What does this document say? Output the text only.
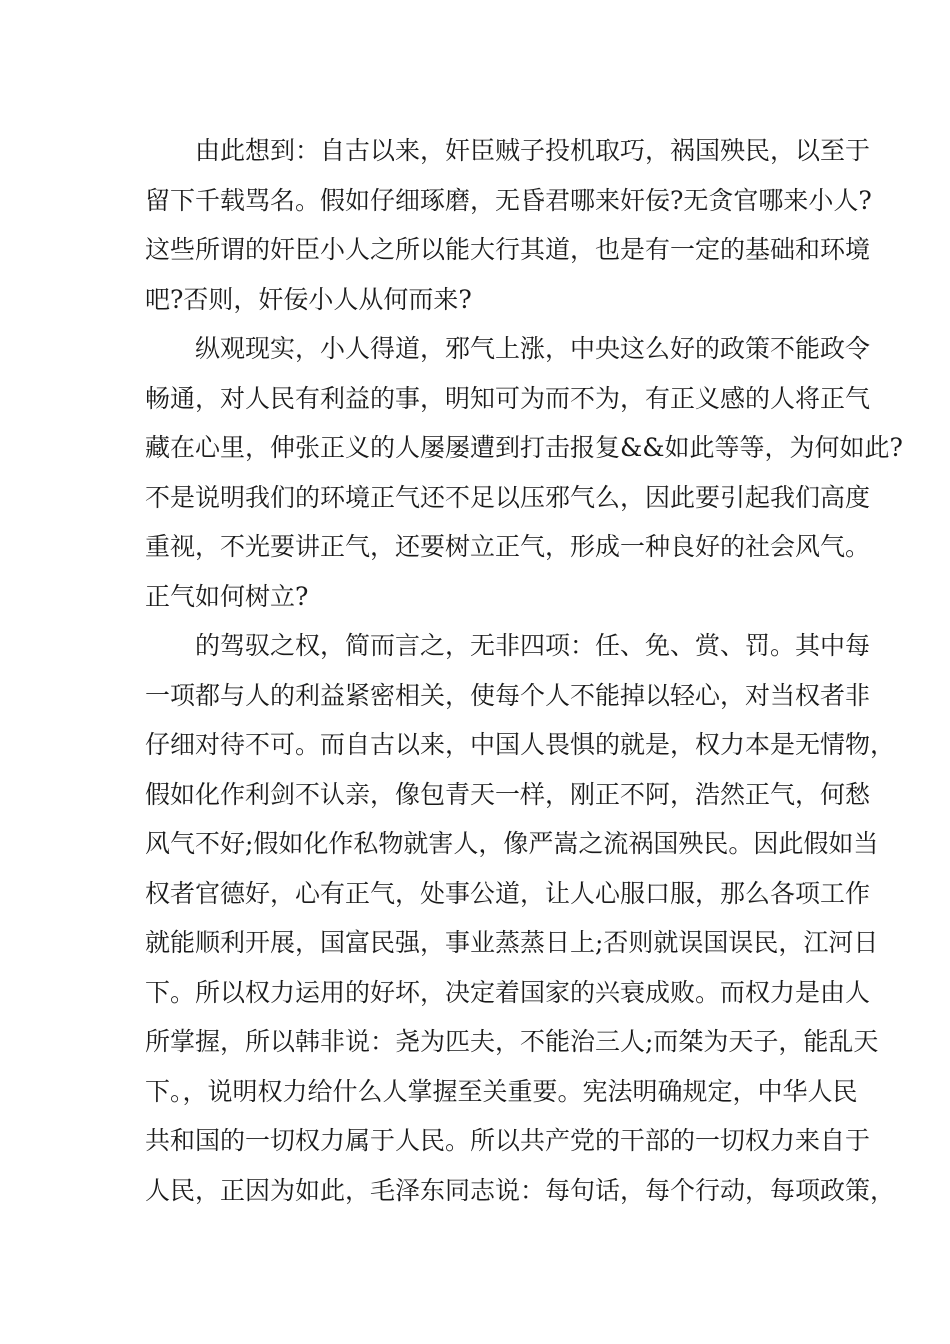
由此想到：自古以来，奸臣贼子投机取巧，祸国殃民，以至于
留下千载骂名。假如仔细琢磨，无昏君哪来奸佞?无贪官哪来小人?
这些所谓的奸臣小人之所以能大行其道，也是有一定的基础和环境
吧?否则，奸佞小人从何而来?
纵观现实，小人得道，邪气上涨，中央这么好的政策不能政令
畅通，对人民有利益的事，明知可为而不为，有正义感的人将正气
藏在心里，伸张正义的人屡屡遭到打击报复&&如此等等，为何如此?
不是说明我们的环境正气还不足以压邪气么，因此要引起我们高度
重视，不光要讲正气，还要树立正气，形成一种良好的社会风气。
正气如何树立?
的驾驭之权，简而言之，无非四项：任、免、赏、罚。其中每
一项都与人的利益紧密相关，使每个人不能掉以轻心，对当权者非
仔细对待不可。而自古以来，中国人畏惧的就是，权力本是无情物，
假如化作利剑不认亲，像包青天一样，刚正不阿，浩然正气，何愁
风气不好;假如化作私物就害人，像严嵩之流祸国殃民。因此假如当
权者官德好，心有正气，处事公道，让人心服口服，那么各项工作
就能顺利开展，国富民强，事业蒸蒸日上;否则就误国误民，江河日
下。所以权力运用的好坏，决定着国家的兴衰成败。而权力是由人
所掌握，所以韩非说：尧为匹夫，不能治三人;而桀为天子，能乱天
下。，说明权力给什么人掌握至关重要。宪法明确规定，中华人民
共和国的一切权力属于人民。所以共产党的干部的一切权力来自于
人民，正因为如此，毛泽东同志说：每句话，每个行动，每项政策，
